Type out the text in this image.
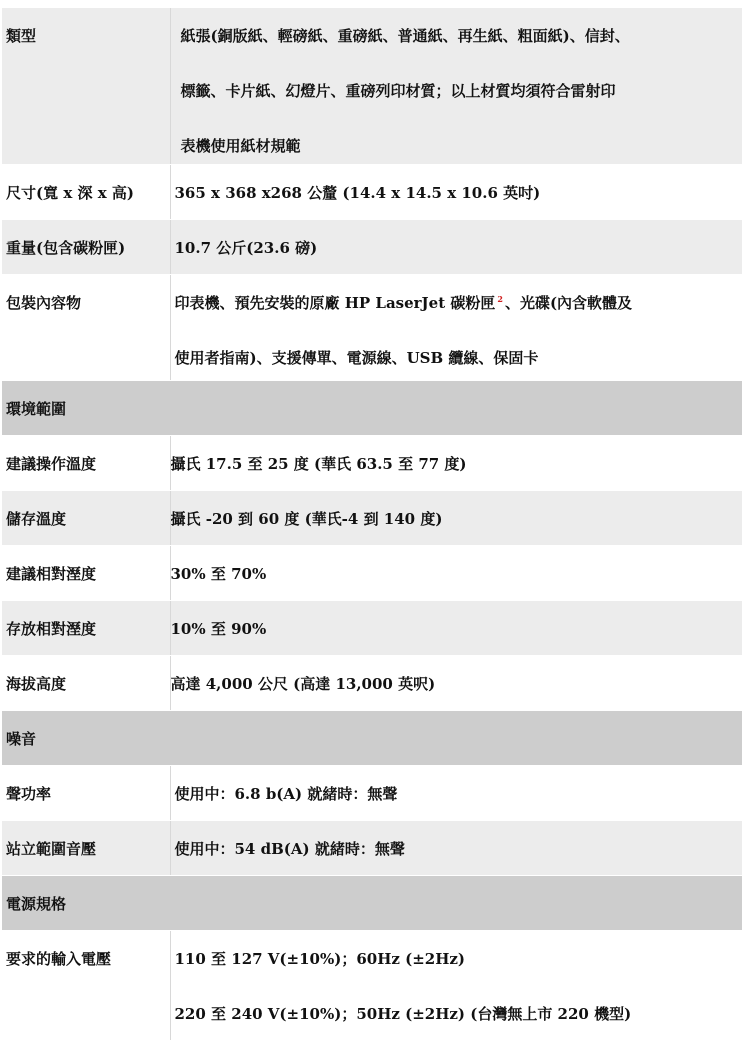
類型	紙張(銅版紙、輕磅紙、重磅紙、普通紙、再生紙、粗面紙)、信封、
標籤、卡片紙、幻燈片、重磅列印材質；以上材質均須符合雷射印
表機使用紙材規範

尺寸(寬 x 深 x 高)	365 x 368 x268 公釐 (14.4 x 14.5 x 10.6 英吋)

重量(包含碳粉匣)	10.7 公斤(23.6 磅)

包裝內容物	印表機、預先安裝的原廠 HP LaserJet 碳粉匣 $^2$ 、光碟(內含軟體及
使用者指南)、支援傳單、電源線、USB 纜線、保固卡

環境範圍	

建議操作溫度	攝氏 17.5 至 25 度 (華氏 63.5 至 77 度)

儲存溫度	攝氏 -20 到 60 度 (華氏-4 到 140 度)

建議相對溼度	30% 至 70%

存放相對溼度	10% 至 90%

海拔高度	高達 4,000 公尺 (高達 13,000 英呎)

噪音	

聲功率	使用中：6.8 b(A) 就緒時：無聲

站立範圍音壓	使用中：54 dB(A) 就緒時：無聲

電源規格	

要求的輸入電壓	110 至 127 V(±10%)；60Hz (±2Hz)
220 至 240 V(±10%)；50Hz (±2Hz) (台灣無上市 220 機型)
